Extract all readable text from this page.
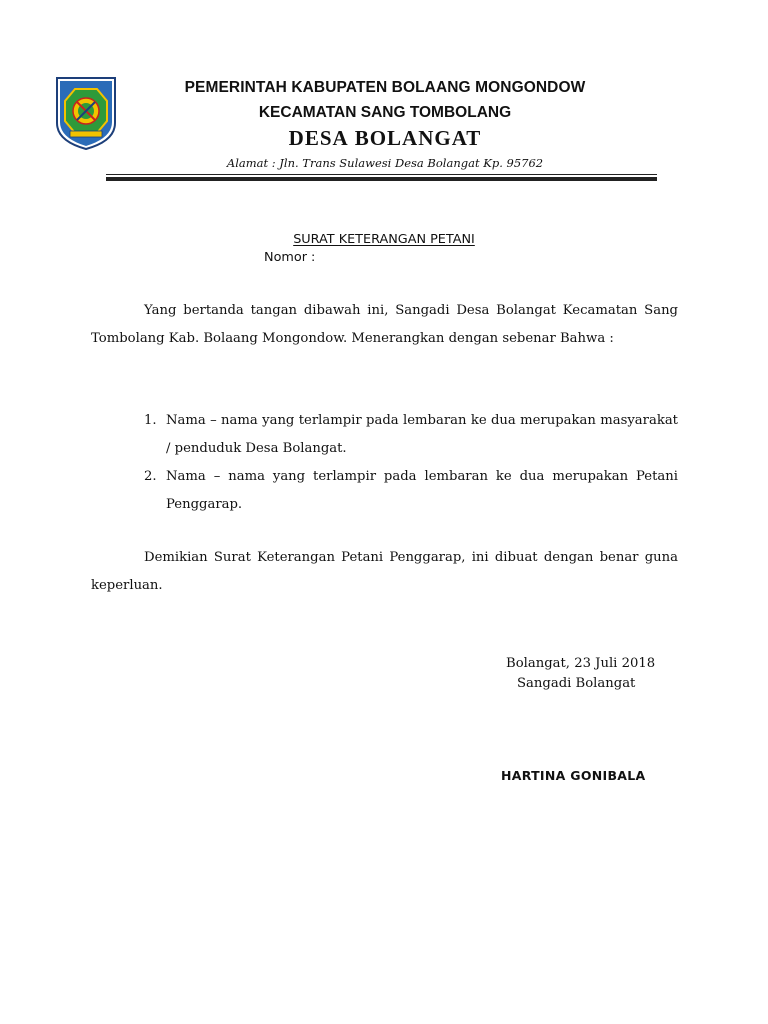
PEMERINTAH KABUPATEN BOLAANG MONGONDOW
KECAMATAN SANG TOMBOLANG
DESA BOLANGAT
Alamat : Jln. Trans Sulawesi Desa Bolangat Kp. 95762
SURAT KETERANGAN PETANI
Nomor :
Yang bertanda tangan dibawah ini, Sangadi Desa Bolangat Kecamatan Sang Tombolang Kab. Bolaang Mongondow. Menerangkan dengan sebenar Bahwa :
1. Nama – nama yang terlampir pada lembaran ke dua merupakan masyarakat / penduduk Desa Bolangat.
2. Nama – nama yang terlampir pada lembaran ke dua merupakan Petani Penggarap.
Demikian Surat Keterangan Petani Penggarap, ini dibuat dengan benar guna keperluan.
Bolangat, 23 Juli 2018
Sangadi Bolangat
HARTINA GONIBALA
